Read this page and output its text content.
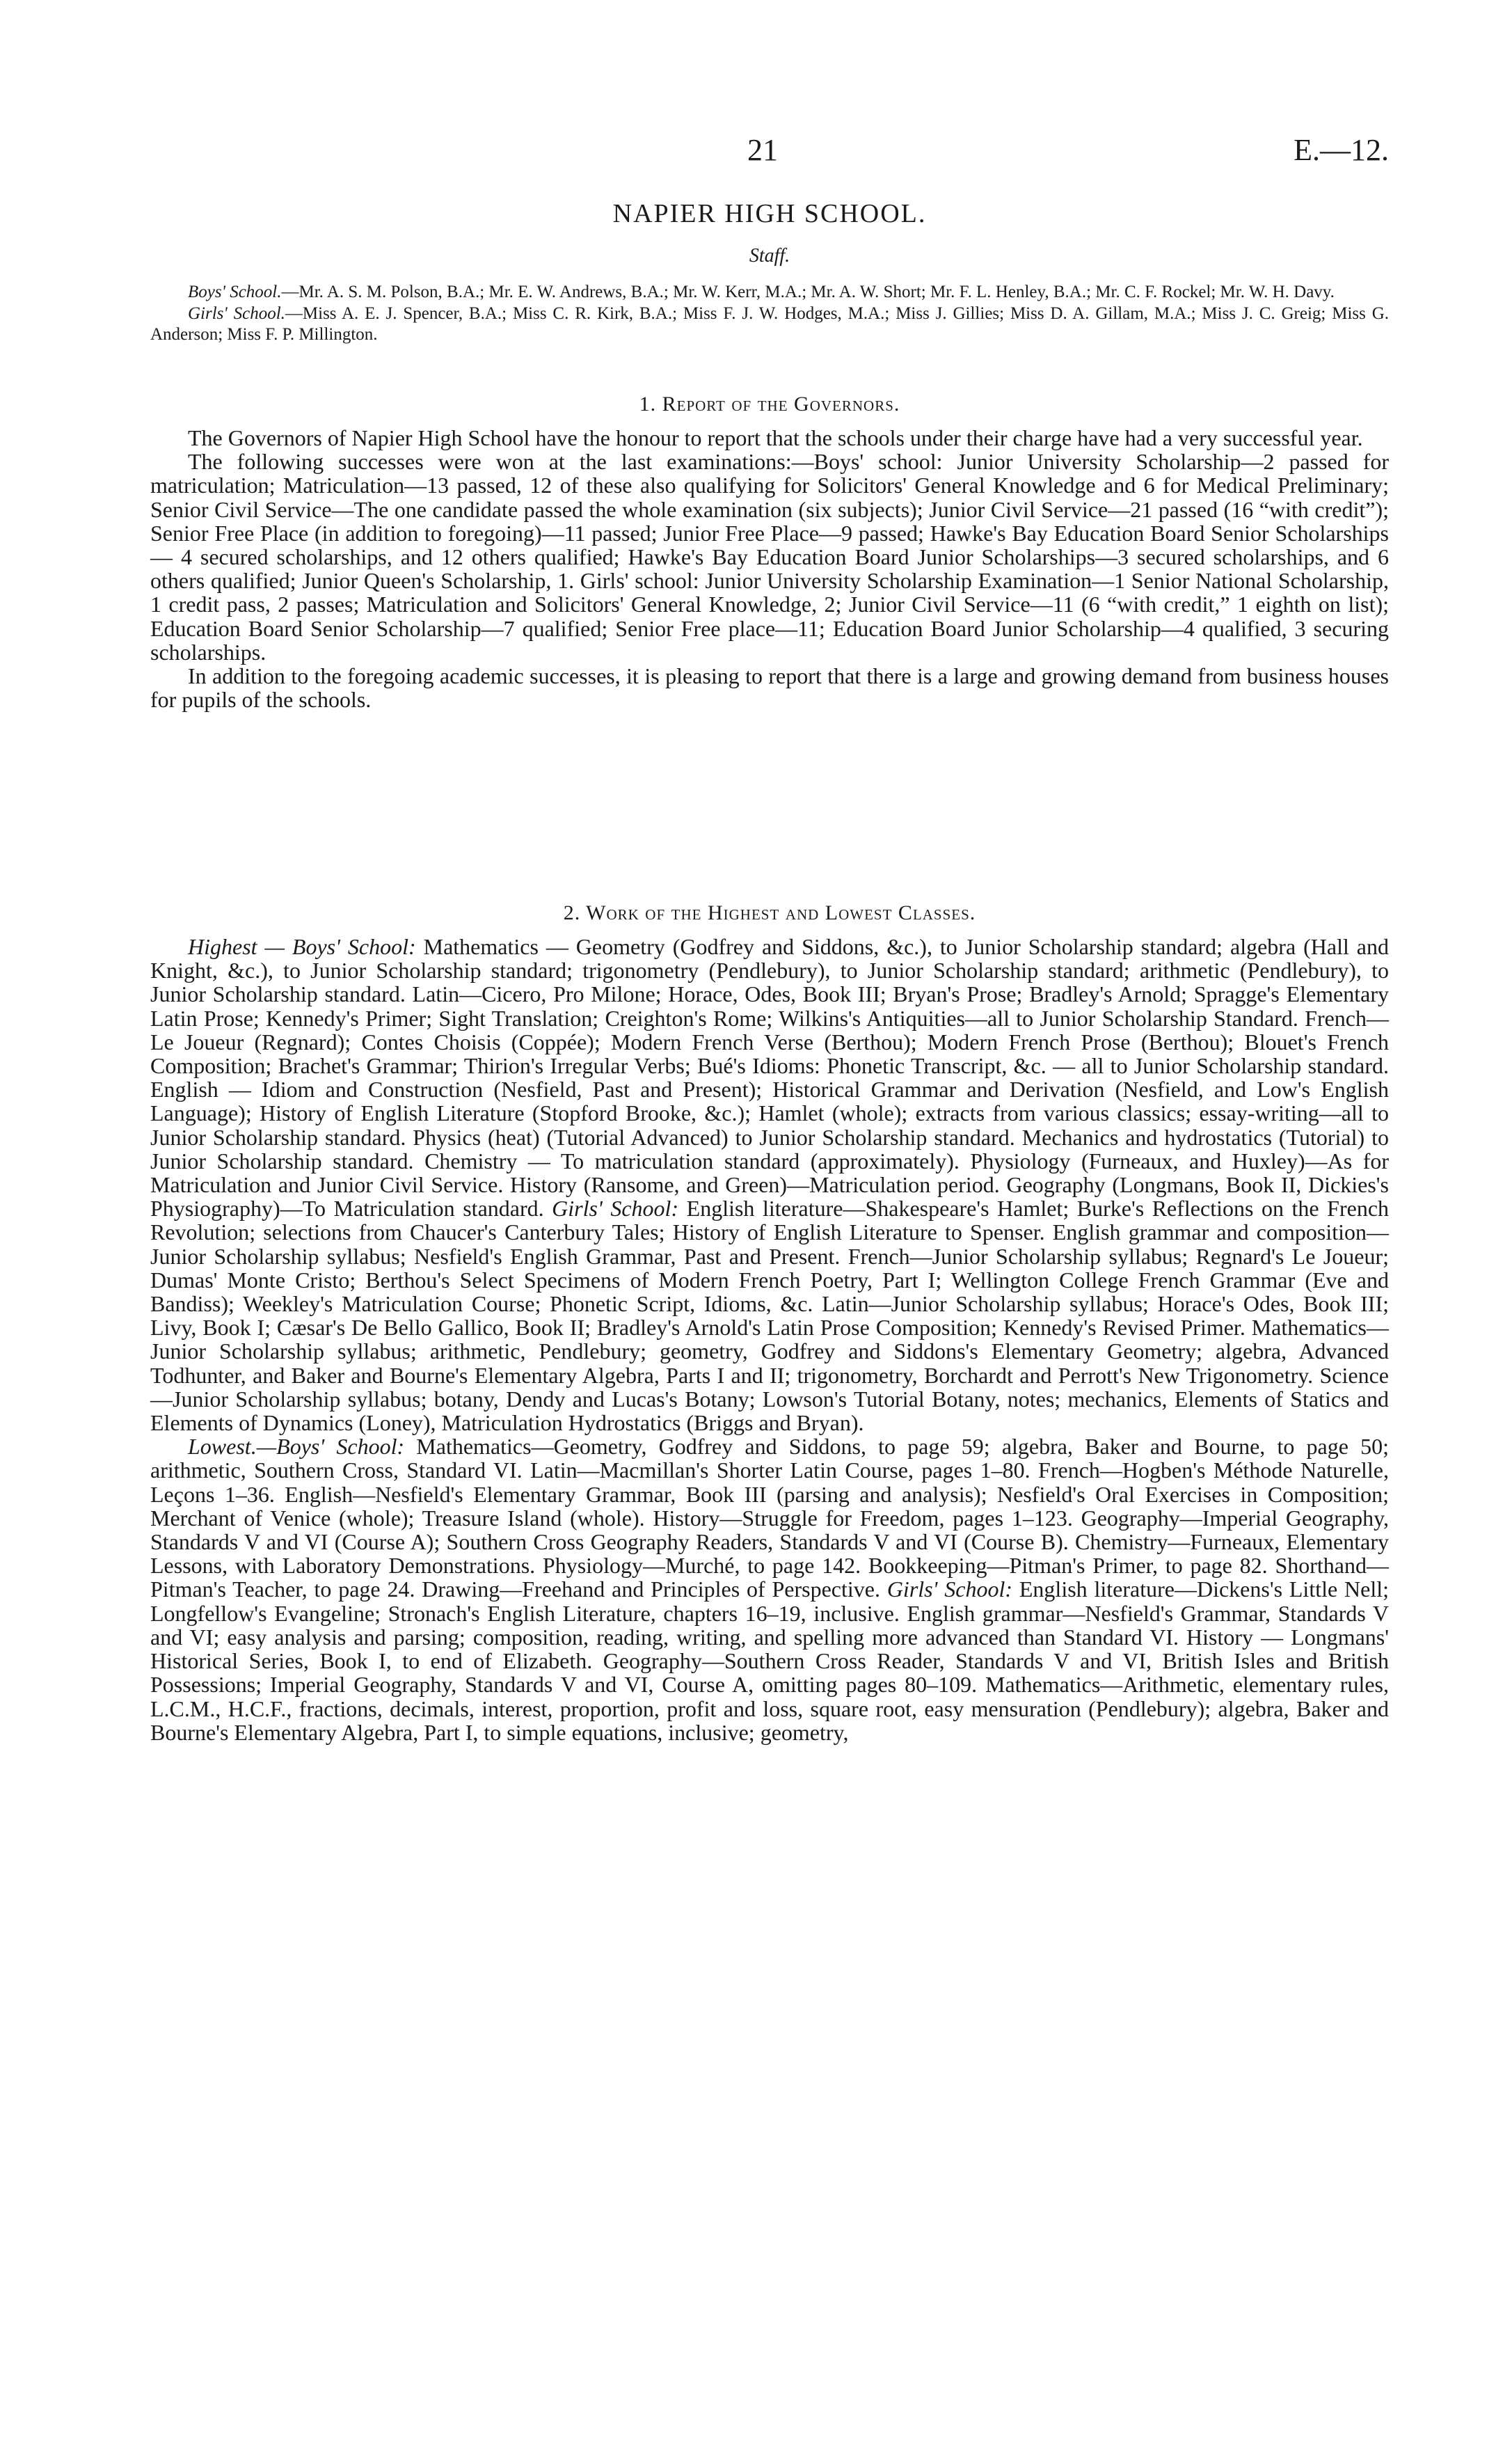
21	E.—12.
NAPIER HIGH SCHOOL.
Staff.

Boys' School.—Mr. A. S. M. Polson, B.A.; Mr. E. W. Andrews, B.A.; Mr. W. Kerr, M.A.; Mr. A. W. Short; Mr. F. L. Henley, B.A.; Mr. C. F. Rockel; Mr. W. H. Davy.

Girls' School.—Miss A. E. J. Spencer, B.A.; Miss C. R. Kirk, B.A.; Miss F. J. W. Hodges, M.A.; Miss J. Gillies; Miss D. A. Gillam, M.A.; Miss J. C. Greig; Miss G. Anderson; Miss F. P. Millington.

1. Report of the Governors.

The Governors of Napier High School have the honour to report that the schools under their charge have had a very successful year.

The following successes were won at the last examinations:—Boys' school: Junior University Scholarship—2 passed for matriculation; Matriculation—13 passed, 12 of these also qualifying for Solicitors' General Knowledge and 6 for Medical Preliminary; Senior Civil Service—The one candidate passed the whole examination (six subjects); Junior Civil Service—21 passed (16 “with credit”); Senior Free Place (in addition to foregoing)—11 passed; Junior Free Place—9 passed; Hawke's Bay Education Board Senior Scholarships — 4 secured scholarships, and 12 others qualified; Hawke's Bay Education Board Junior Scholarships—3 secured scholarships, and 6 others qualified; Junior Queen's Scholarship, 1. Girls' school: Junior University Scholarship Examination—1 Senior National Scholarship, 1 credit pass, 2 passes; Matriculation and Solicitors' General Knowledge, 2; Junior Civil Service—11 (6 “with credit,” 1 eighth on list); Education Board Senior Scholarship—7 qualified; Senior Free place—11; Education Board Junior Scholarship—4 qualified, 3 securing scholarships.

In addition to the foregoing academic successes, it is pleasing to report that there is a large and growing demand from business houses for pupils of the schools.

2. Work of the Highest and Lowest Classes.

Highest — Boys' School: Mathematics — Geometry (Godfrey and Siddons, &c.), to Junior Scholarship standard; algebra (Hall and Knight, &c.), to Junior Scholarship standard; trigonometry (Pendlebury), to Junior Scholarship standard; arithmetic (Pendlebury), to Junior Scholarship standard. Latin—Cicero, Pro Milone; Horace, Odes, Book III; Bryan's Prose; Bradley's Arnold; Spragge's Elementary Latin Prose; Kennedy's Primer; Sight Translation; Creighton's Rome; Wilkins's Antiquities—all to Junior Scholarship Standard. French—Le Joueur (Regnard); Contes Choisis (Coppée); Modern French Verse (Berthou); Modern French Prose (Berthou); Blouet's French Composition; Brachet's Grammar; Thirion's Irregular Verbs; Bué's Idioms: Phonetic Transcript, &c. — all to Junior Scholarship standard. English — Idiom and Construction (Nesfield, Past and Present); Historical Grammar and Derivation (Nesfield, and Low's English Language); History of English Literature (Stopford Brooke, &c.); Hamlet (whole); extracts from various classics; essay-writing—all to Junior Scholarship standard. Physics (heat) (Tutorial Advanced) to Junior Scholarship standard. Mechanics and hydrostatics (Tutorial) to Junior Scholarship standard. Chemistry — To matriculation standard (approximately). Physiology (Furneaux, and Huxley)—As for Matriculation and Junior Civil Service. History (Ransome, and Green)—Matriculation period. Geography (Longmans, Book II, Dickies's Physiography)—To Matriculation standard. Girls' School: English literature—Shakespeare's Hamlet; Burke's Reflections on the French Revolution; selections from Chaucer's Canterbury Tales; History of English Literature to Spenser. English grammar and composition—Junior Scholarship syllabus; Nesfield's English Grammar, Past and Present. French—Junior Scholarship syllabus; Regnard's Le Joueur; Dumas' Monte Cristo; Berthou's Select Specimens of Modern French Poetry, Part I; Wellington College French Grammar (Eve and Bandiss); Weekley's Matriculation Course; Phonetic Script, Idioms, &c. Latin—Junior Scholarship syllabus; Horace's Odes, Book III; Livy, Book I; Cæsar's De Bello Gallico, Book II; Bradley's Arnold's Latin Prose Composition; Kennedy's Revised Primer. Mathematics—Junior Scholarship syllabus; arithmetic, Pendlebury; geometry, Godfrey and Siddons's Elementary Geometry; algebra, Advanced Todhunter, and Baker and Bourne's Elementary Algebra, Parts I and II; trigonometry, Borchardt and Perrott's New Trigonometry. Science—Junior Scholarship syllabus; botany, Dendy and Lucas's Botany; Lowson's Tutorial Botany, notes; mechanics, Elements of Statics and Elements of Dynamics (Loney), Matriculation Hydrostatics (Briggs and Bryan).

Lowest.—Boys' School: Mathematics—Geometry, Godfrey and Siddons, to page 59; algebra, Baker and Bourne, to page 50; arithmetic, Southern Cross, Standard VI. Latin—Macmillan's Shorter Latin Course, pages 1–80. French—Hogben's Méthode Naturelle, Leçons 1–36. English—Nesfield's Elementary Grammar, Book III (parsing and analysis); Nesfield's Oral Exercises in Composition; Merchant of Venice (whole); Treasure Island (whole). History—Struggle for Freedom, pages 1–123. Geography—Imperial Geography, Standards V and VI (Course A); Southern Cross Geography Readers, Standards V and VI (Course B). Chemistry—Furneaux, Elementary Lessons, with Laboratory Demonstrations. Physiology—Murché, to page 142. Bookkeeping—Pitman's Primer, to page 82. Shorthand—Pitman's Teacher, to page 24. Drawing—Freehand and Principles of Perspective. Girls' School: English literature—Dickens's Little Nell; Longfellow's Evangeline; Stronach's English Literature, chapters 16–19, inclusive. English grammar—Nesfield's Grammar, Standards V and VI; easy analysis and parsing; composition, reading, writing, and spelling more advanced than Standard VI. History — Longmans' Historical Series, Book I, to end of Elizabeth. Geography—Southern Cross Reader, Standards V and VI, British Isles and British Possessions; Imperial Geography, Standards V and VI, Course A, omitting pages 80–109. Mathematics—Arithmetic, elementary rules, L.C.M., H.C.F., fractions, decimals, interest, proportion, profit and loss, square root, easy mensuration (Pendlebury); algebra, Baker and Bourne's Elementary Algebra, Part I, to simple equations, inclusive; geometry,
